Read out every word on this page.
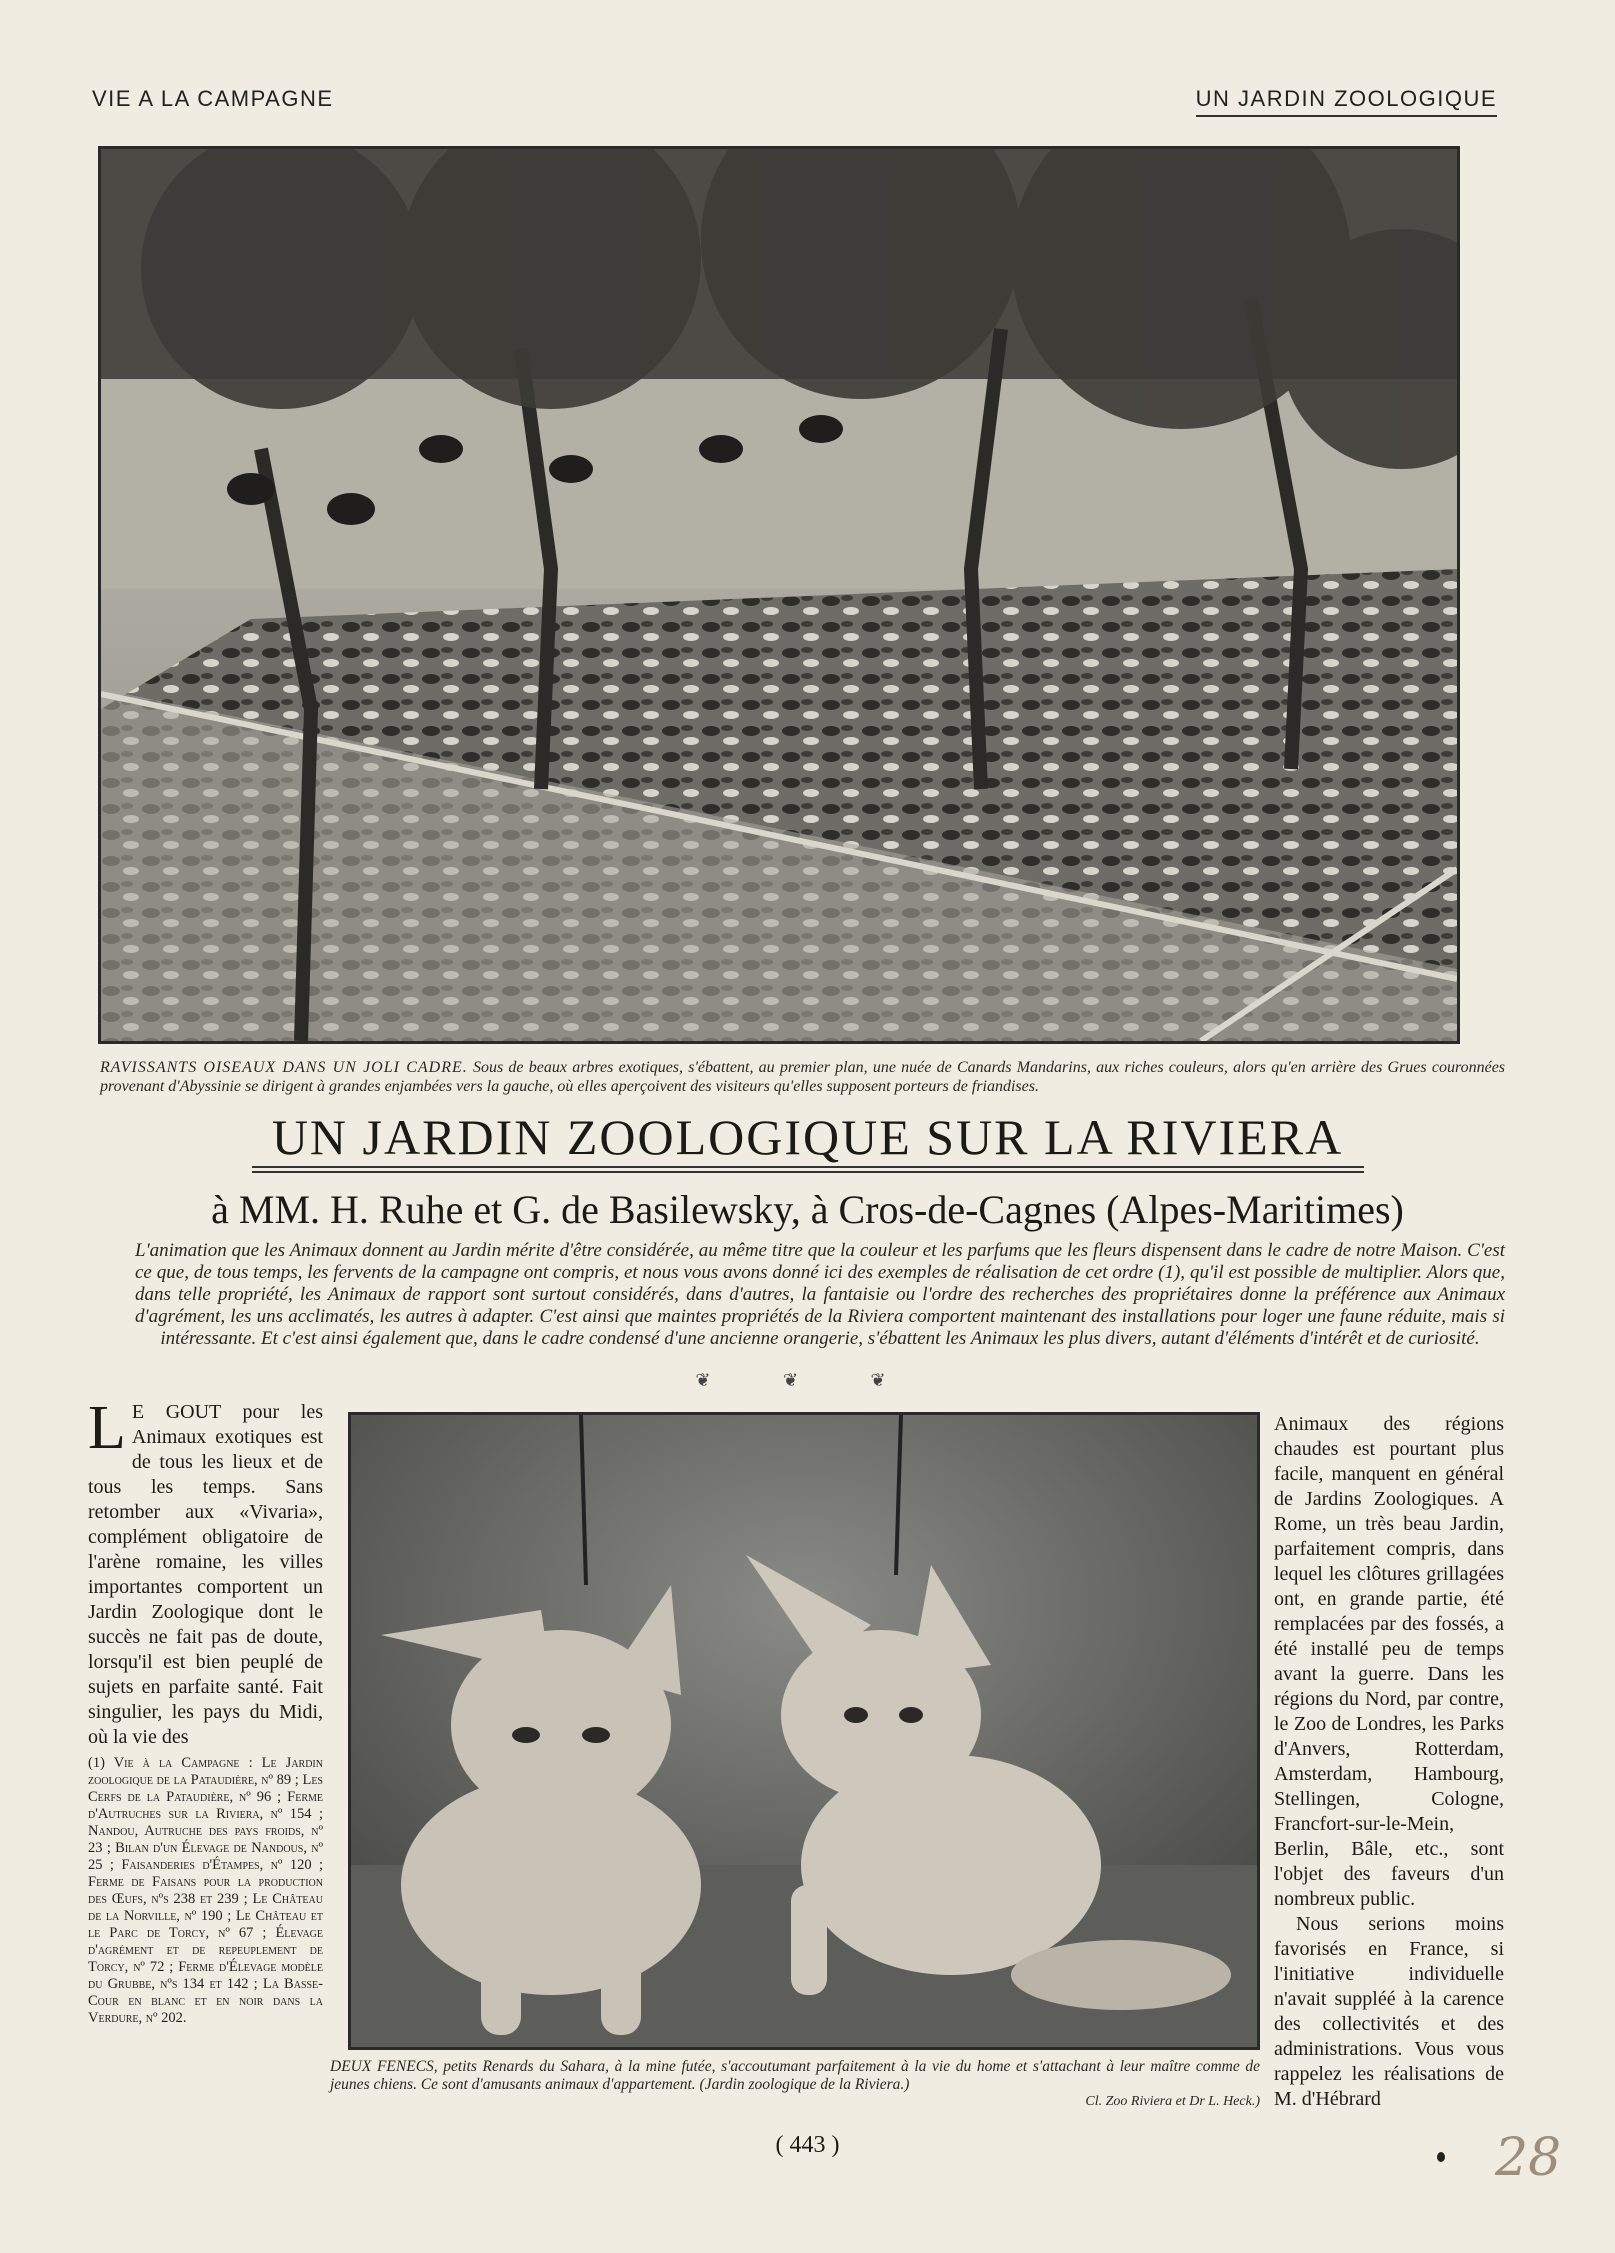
VIE A LA CAMPAGNE	UN JARDIN ZOOLOGIQUE
RAVISSANTS OISEAUX DANS UN JOLI CADRE. Sous de beaux arbres exotiques, s'ébattent, au premier plan, une nuée de Canards Mandarins, aux riches couleurs, alors qu'en arrière des Grues couronnées provenant d'Abyssinie se dirigent à grandes enjambées vers la gauche, où elles aperçoivent des visiteurs qu'elles supposent porteurs de friandises.
UN JARDIN ZOOLOGIQUE SUR LA RIVIERA
à MM. H. Ruhe et G. de Basilewsky, à Cros-de-Cagnes (Alpes-Maritimes)
L'animation que les Animaux donnent au Jardin mérite d'être considérée, au même titre que la couleur et les parfums que les fleurs dispensent dans le cadre de notre Maison. C'est ce que, de tous temps, les fervents de la campagne ont compris, et nous vous avons donné ici des exemples de réalisation de cet ordre (1), qu'il est possible de multiplier. Alors que, dans telle propriété, les Animaux de rapport sont surtout considérés, dans d'autres, la fantaisie ou l'ordre des recherches des propriétaires donne la préférence aux Animaux d'agrément, les uns acclimatés, les autres à adapter. C'est ainsi que maintes propriétés de la Riviera comportent maintenant des installations pour loger une faune réduite, mais si intéressante. Et c'est ainsi également que, dans le cadre condensé d'une ancienne orangerie, s'ébattent les Animaux les plus divers, autant d'éléments d'intérêt et de curiosité.
❦ ❦ ❦
L E GOUT pour les Animaux exotiques est de tous les lieux et de tous les temps. Sans retomber aux «Vivaria», complément obligatoire de l'arène romaine, les villes importantes comportent un Jardin Zoologique dont le succès ne fait pas de doute, lorsqu'il est bien peuplé de sujets en parfaite santé. Fait singulier, les pays du Midi, où la vie des
(1) Vie à la Campagne : Le Jardin zoologique de la Pataudière, nº 89 ; Les Cerfs de la Pataudière, nº 96 ; Ferme d'Autruches sur la Riviera, nº 154 ; Nandou, Autruche des pays froids, nº 23 ; Bilan d'un Élevage de Nandous, nº 25 ; Faisanderies d'Étampes, nº 120 ; Ferme de Faisans pour la production des Œufs, nºs 238 et 239 ; Le Château de la Norville, nº 190 ; Le Château et le Parc de Torcy, nº 67 ; Élevage d'agrément et de repeuplement de Torcy, nº 72 ; Ferme d'Élevage modèle du Grubbe, nºs 134 et 142 ; La Basse-Cour en blanc et en noir dans la Verdure, nº 202.
DEUX FENECS, petits Renards du Sahara, à la mine futée, s'accoutumant parfaitement à la vie du home et s'attachant à leur maître comme de jeunes chiens. Ce sont d'amusants animaux d'appartement. (Jardin zoologique de la Riviera.)
Cl. Zoo Riviera et Dr L. Heck.)
Animaux des régions chaudes est pourtant plus facile, manquent en général de Jardins Zoologiques. A Rome, un très beau Jardin, parfaitement compris, dans lequel les clôtures grillagées ont, en grande partie, été remplacées par des fossés, a été installé peu de temps avant la guerre. Dans les régions du Nord, par contre, le Zoo de Londres, les Parks d'Anvers, Rotterdam, Amsterdam, Hambourg, Stellingen, Cologne, Francfort-sur-le-Mein, Berlin, Bâle, etc., sont l'objet des faveurs d'un nombreux public.
Nous serions moins favorisés en France, si l'initiative individuelle n'avait suppléé à la carence des collectivités et des administrations. Vous vous rappelez les réalisations de M. d'Hébrard
( 443 )	28
